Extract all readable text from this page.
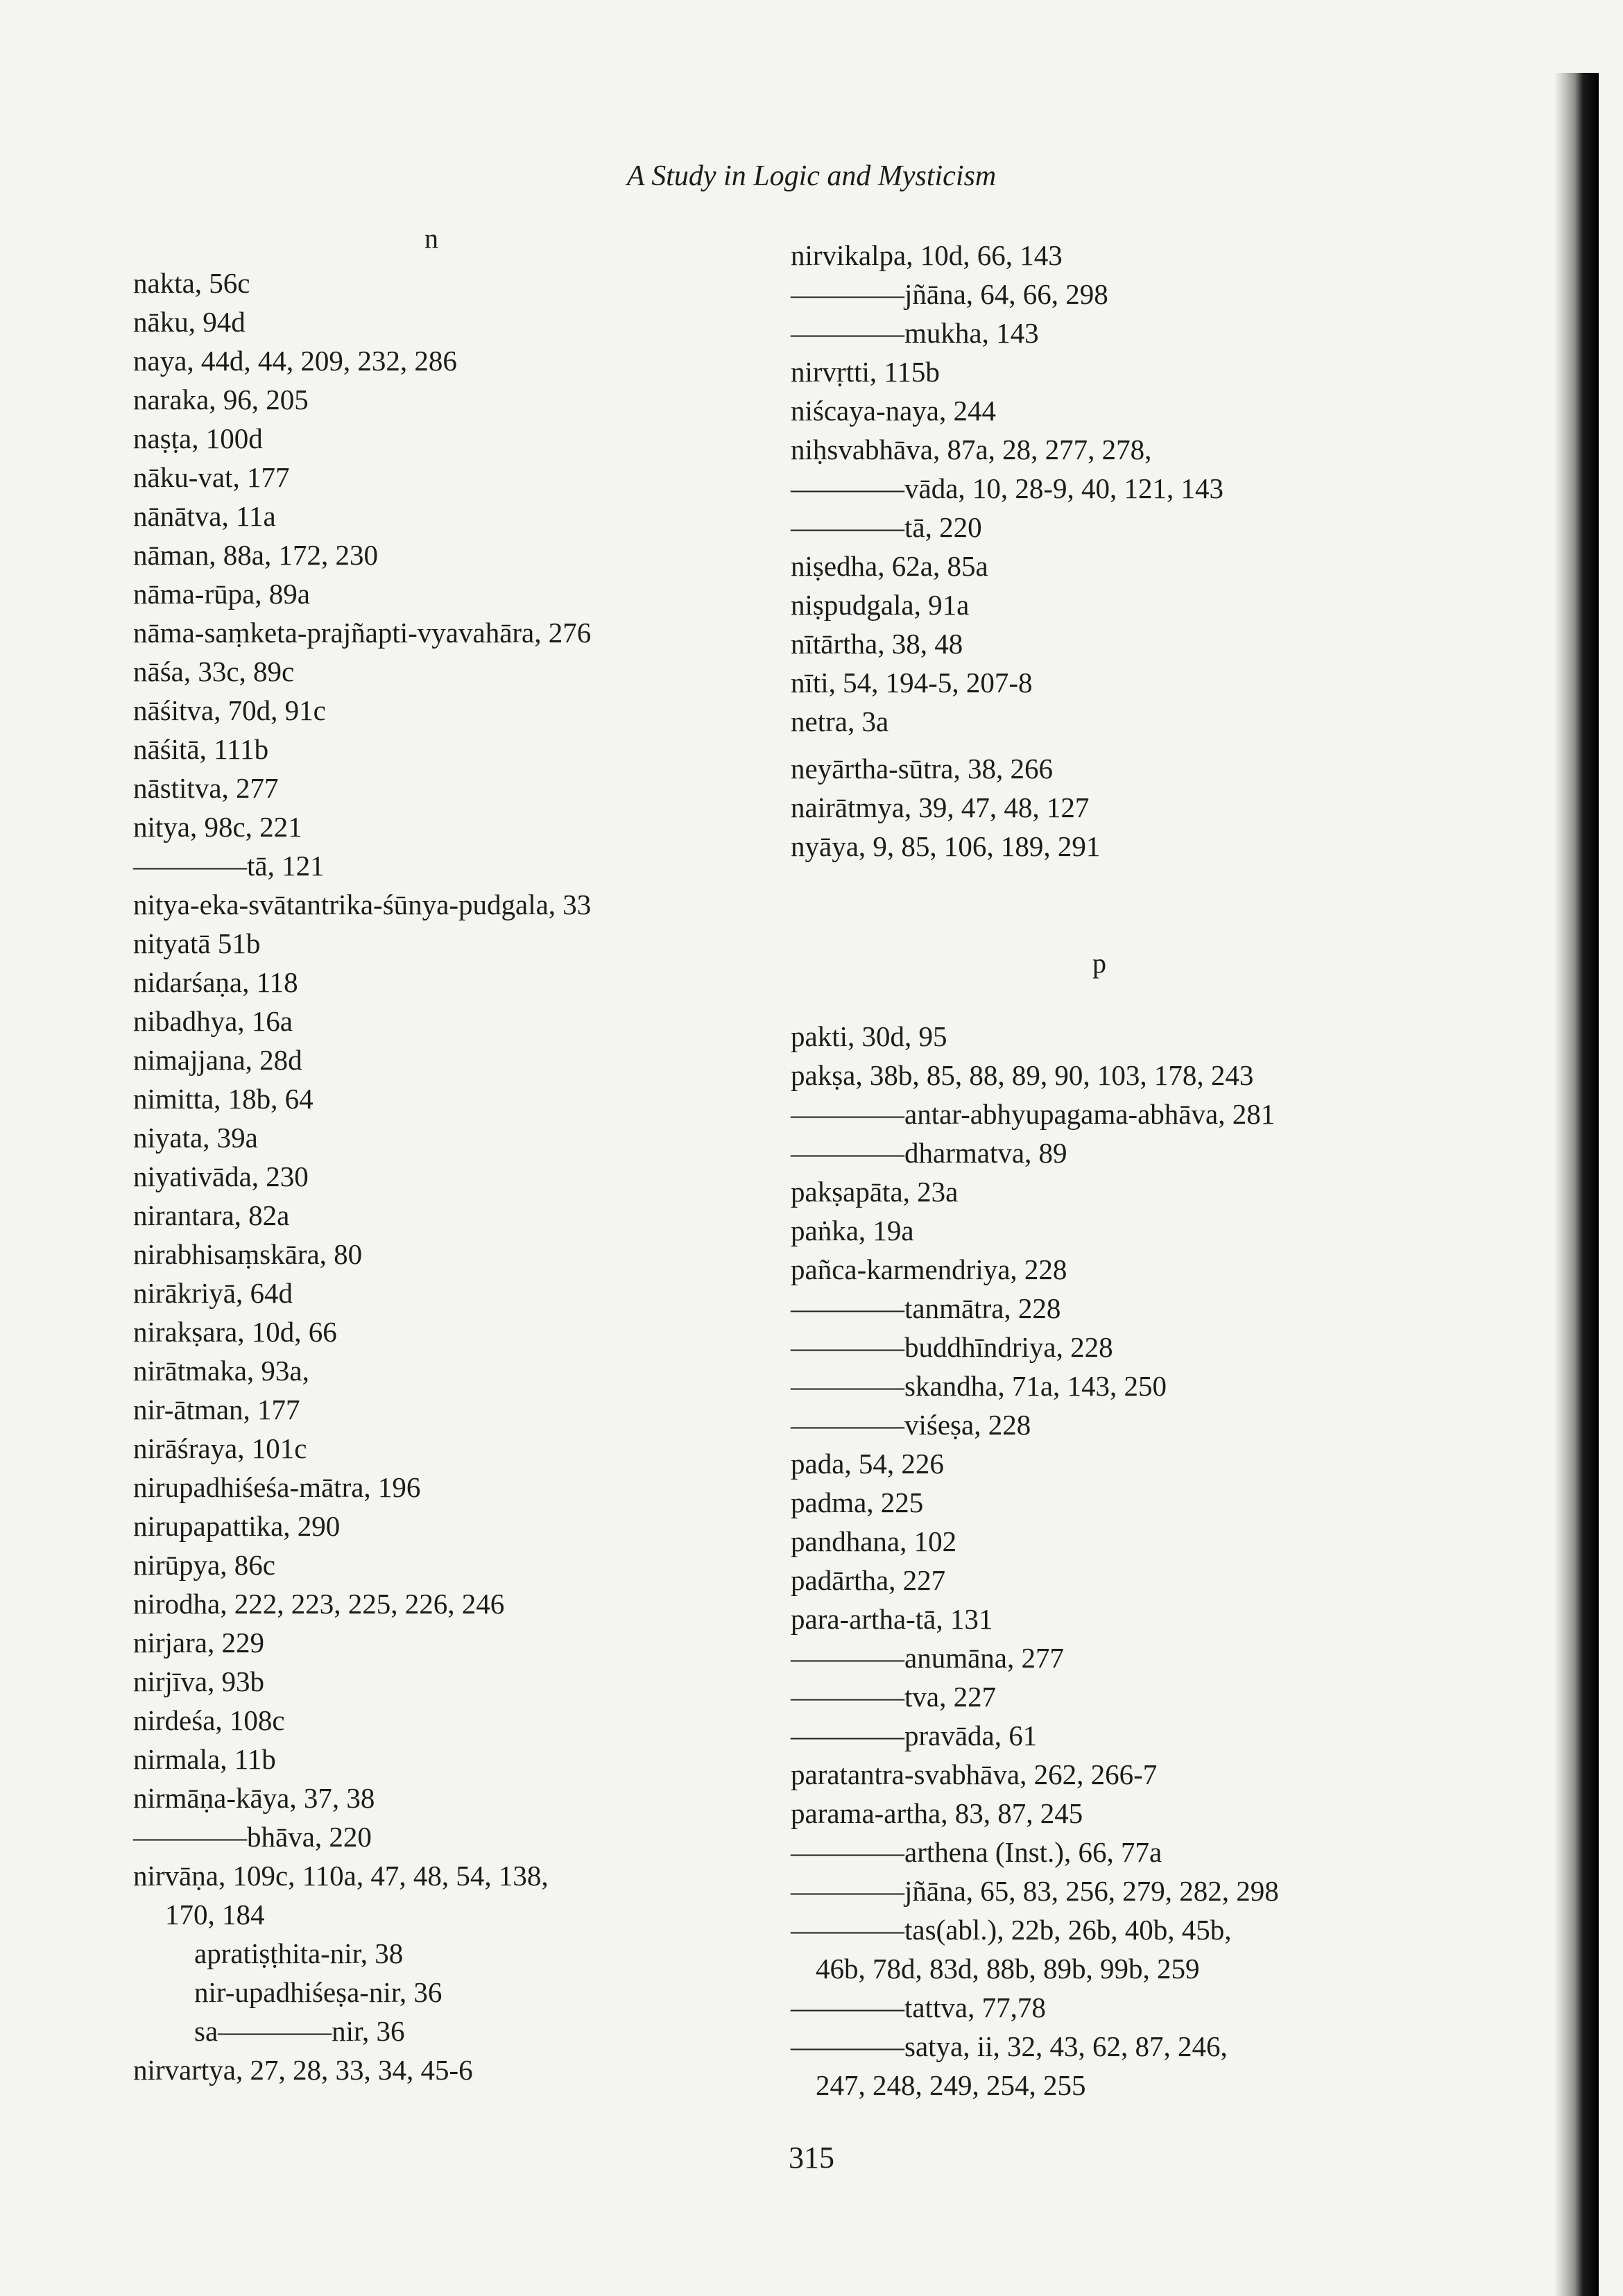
A Study in Logic and Mysticism
n
nakta, 56c
nāku, 94d
naya, 44d, 44, 209, 232, 286
naraka, 96, 205
naṣṭa, 100d
nāku-vat, 177
nānātva, 11a
nāman, 88a, 172, 230
nāma-rūpa, 89a
nāma-saṃketa-prajñapti-vyavahāra, 276
nāśa, 33c, 89c
nāśitva, 70d, 91c
nāśitā, 111b
nāstitva, 277
nitya, 98c, 221
————tā, 121
nitya-eka-svātantrika-śūnya-pudgala, 33
nityatā 51b
nidarśaṇa, 118
nibadhya, 16a
nimajjana, 28d
nimitta, 18b, 64
niyata, 39a
niyativāda, 230
nirantara, 82a
nirabhisaṃskāra, 80
nirākriyā, 64d
nirakṣara, 10d, 66
nirātmaka, 93a,
nir-ātman, 177
nirāśraya, 101c
nirupadhiśeśa-mātra, 196
nirupapattika, 290
nirūpya, 86c
nirodha, 222, 223, 225, 226, 246
nirjara, 229
nirjīva, 93b
nirdeśa, 108c
nirmala, 11b
nirmāṇa-kāya, 37, 38
————bhāva, 220
nirvāṇa, 109c, 110a, 47, 48, 54, 138,
170, 184
apratiṣṭhita-nir, 38
nir-upadhiśeṣa-nir, 36
sa————nir, 36
nirvartya, 27, 28, 33, 34, 45-6
nirvikalpa, 10d, 66, 143
————jñāna, 64, 66, 298
————mukha, 143
nirvṛtti, 115b
niścaya-naya, 244
niḥsvabhāva, 87a, 28, 277, 278,
————vāda, 10, 28-9, 40, 121, 143
————tā, 220
niṣedha, 62a, 85a
niṣpudgala, 91a
nītārtha, 38, 48
nīti, 54, 194-5, 207-8
netra, 3a
neyārtha-sūtra, 38, 266
nairātmya, 39, 47, 48, 127
nyāya, 9, 85, 106, 189, 291
p
pakti, 30d, 95
pakṣa, 38b, 85, 88, 89, 90, 103, 178, 243
————antar-abhyupagama-abhāva, 281
————dharmatva, 89
pakṣapāta, 23a
paṅka, 19a
pañca-karmendriya, 228
————tanmātra, 228
————buddhīndriya, 228
————skandha, 71a, 143, 250
————viśeṣa, 228
pada, 54, 226
padma, 225
pandhana, 102
padārtha, 227
para-artha-tā, 131
————anumāna, 277
————tva, 227
————pravāda, 61
paratantra-svabhāva, 262, 266-7
parama-artha, 83, 87, 245
————arthena (Inst.), 66, 77a
————jñāna, 65, 83, 256, 279, 282, 298
————tas(abl.), 22b, 26b, 40b, 45b,
46b, 78d, 83d, 88b, 89b, 99b, 259
————tattva, 77,78
————satya, ii, 32, 43, 62, 87, 246,
247, 248, 249, 254, 255
315
